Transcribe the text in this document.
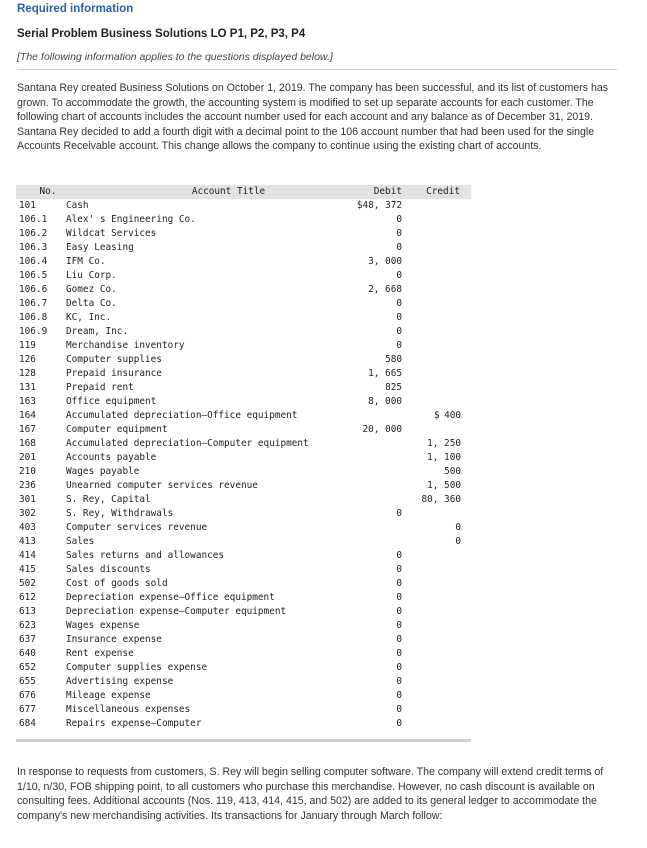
Required information
Serial Problem Business Solutions LO P1, P2, P3, P4
[The following information applies to the questions displayed below.]

Santana Rey created Business Solutions on October 1, 2019. The company has been successful, and its list of customers has grown. To accommodate the growth, the accounting system is modified to set up separate accounts for each customer. The following chart of accounts includes the account number used for each account and any balance as of December 31, 2019. Santana Rey decided to add a fourth digit with a decimal point to the 106 account number that had been used for the single Accounts Receivable account. This change allows the company to continue using the existing chart of accounts.

No.	Account Title	Debit	Credit
101	Cash	$48, 372	
106.1	Alex' s Engineering Co.	0	
106.2	Wildcat Services	0	
106.3	Easy Leasing	0	
106.4	IFM Co.	3, 000	
106.5	Liu Corp.	0	
106.6	Gomez Co.	2, 668	
106.7	Delta Co.	0	
106.8	KC, Inc.	0	
106.9	Dream, Inc.	0	
119	Merchandise inventory	0	
126	Computer supplies	580	
128	Prepaid insurance	1, 665	
131	Prepaid rent	825	
163	Office equipment	8, 000	
164	Accumulated depreciation—Office equipment		$ 400
167	Computer equipment	20, 000	
168	Accumulated depreciation—Computer equipment		1, 250
201	Accounts payable		1, 100
210	Wages payable		500
236	Unearned computer services revenue		1, 500
301	S. Rey, Capital		80, 360
302	S. Rey, Withdrawals	0	
403	Computer services revenue		0
413	Sales		0
414	Sales returns and allowances	0	
415	Sales discounts	0	
502	Cost of goods sold	0	
612	Depreciation expense—Office equipment	0	
613	Depreciation expense—Computer equipment	0	
623	Wages expense	0	
637	Insurance expense	0	
640	Rent expense	0	
652	Computer supplies expense	0	
655	Advertising expense	0	
676	Mileage expense	0	
677	Miscellaneous expenses	0	
684	Repairs expense—Computer	0	

In response to requests from customers, S. Rey will begin selling computer software. The company will extend credit terms of 1/10, n/30, FOB shipping point, to all customers who purchase this merchandise. However, no cash discount is available on consulting fees. Additional accounts (Nos. 119, 413, 414, 415, and 502) are added to its general ledger to accommodate the company's new merchandising activities. Its transactions for January through March follow:
